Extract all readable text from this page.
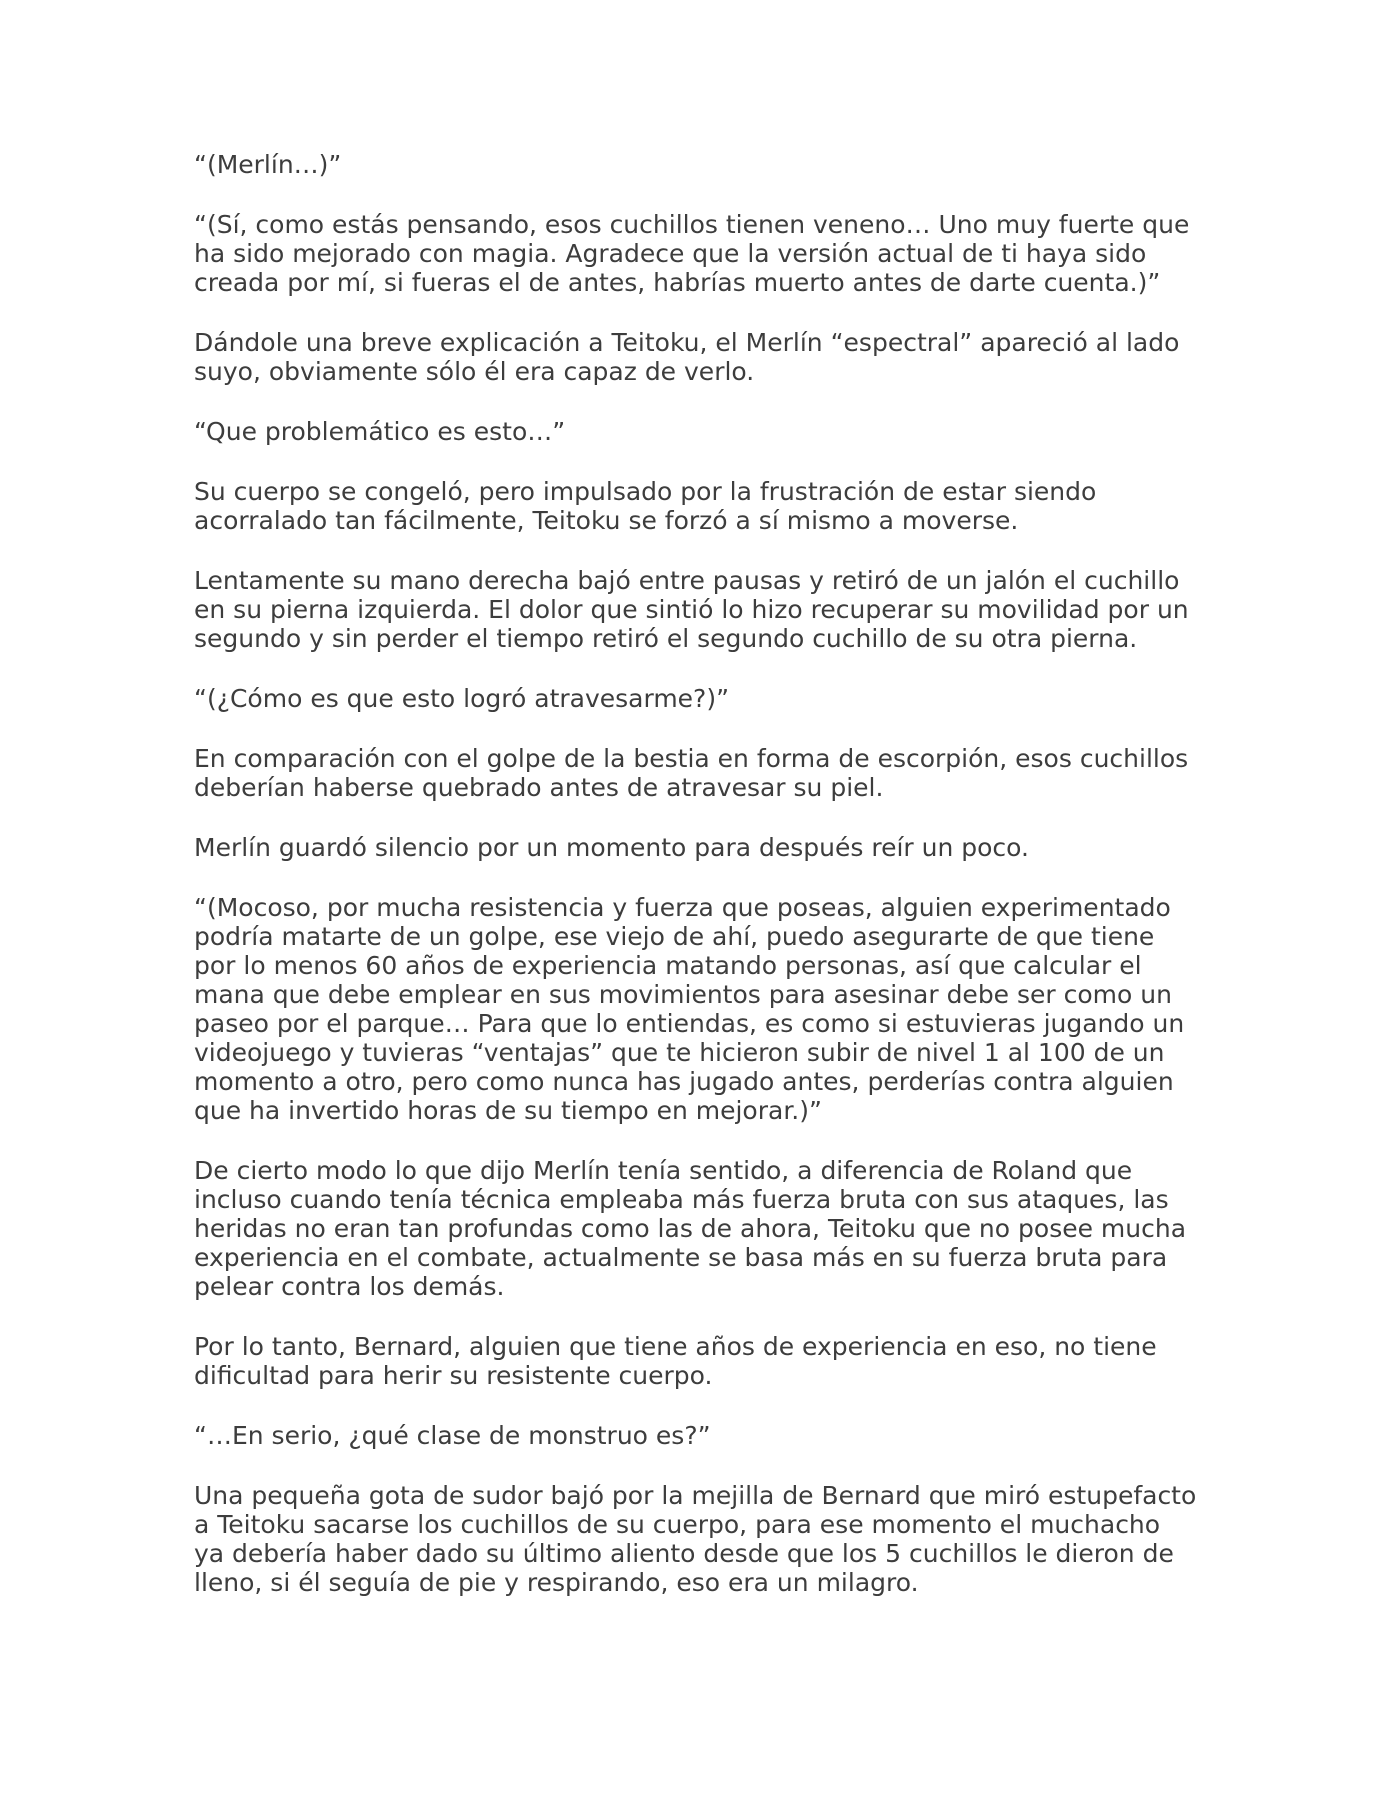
“(Merlín…)”

“(Sí, como estás pensando, esos cuchillos tienen veneno… Uno muy fuerte que
ha sido mejorado con magia. Agradece que la versión actual de ti haya sido
creada por mí, si fueras el de antes, habrías muerto antes de darte cuenta.)”

Dándole una breve explicación a Teitoku, el Merlín “espectral” apareció al lado
suyo, obviamente sólo él era capaz de verlo.

“Que problemático es esto…”

Su cuerpo se congeló, pero impulsado por la frustración de estar siendo
acorralado tan fácilmente, Teitoku se forzó a sí mismo a moverse.

Lentamente su mano derecha bajó entre pausas y retiró de un jalón el cuchillo
en su pierna izquierda. El dolor que sintió lo hizo recuperar su movilidad por un
segundo y sin perder el tiempo retiró el segundo cuchillo de su otra pierna.

“(¿Cómo es que esto logró atravesarme?)”

En comparación con el golpe de la bestia en forma de escorpión, esos cuchillos
deberían haberse quebrado antes de atravesar su piel.

Merlín guardó silencio por un momento para después reír un poco.

“(Mocoso, por mucha resistencia y fuerza que poseas, alguien experimentado
podría matarte de un golpe, ese viejo de ahí, puedo asegurarte de que tiene
por lo menos 60 años de experiencia matando personas, así que calcular el
mana que debe emplear en sus movimientos para asesinar debe ser como un
paseo por el parque… Para que lo entiendas, es como si estuvieras jugando un
videojuego y tuvieras “ventajas” que te hicieron subir de nivel 1 al 100 de un
momento a otro, pero como nunca has jugado antes, perderías contra alguien
que ha invertido horas de su tiempo en mejorar.)”

De cierto modo lo que dijo Merlín tenía sentido, a diferencia de Roland que
incluso cuando tenía técnica empleaba más fuerza bruta con sus ataques, las
heridas no eran tan profundas como las de ahora, Teitoku que no posee mucha
experiencia en el combate, actualmente se basa más en su fuerza bruta para
pelear contra los demás.

Por lo tanto, Bernard, alguien que tiene años de experiencia en eso, no tiene
dificultad para herir su resistente cuerpo.

“…En serio, ¿qué clase de monstruo es?”

Una pequeña gota de sudor bajó por la mejilla de Bernard que miró estupefacto
a Teitoku sacarse los cuchillos de su cuerpo, para ese momento el muchacho
ya debería haber dado su último aliento desde que los 5 cuchillos le dieron de
lleno, si él seguía de pie y respirando, eso era un milagro.
